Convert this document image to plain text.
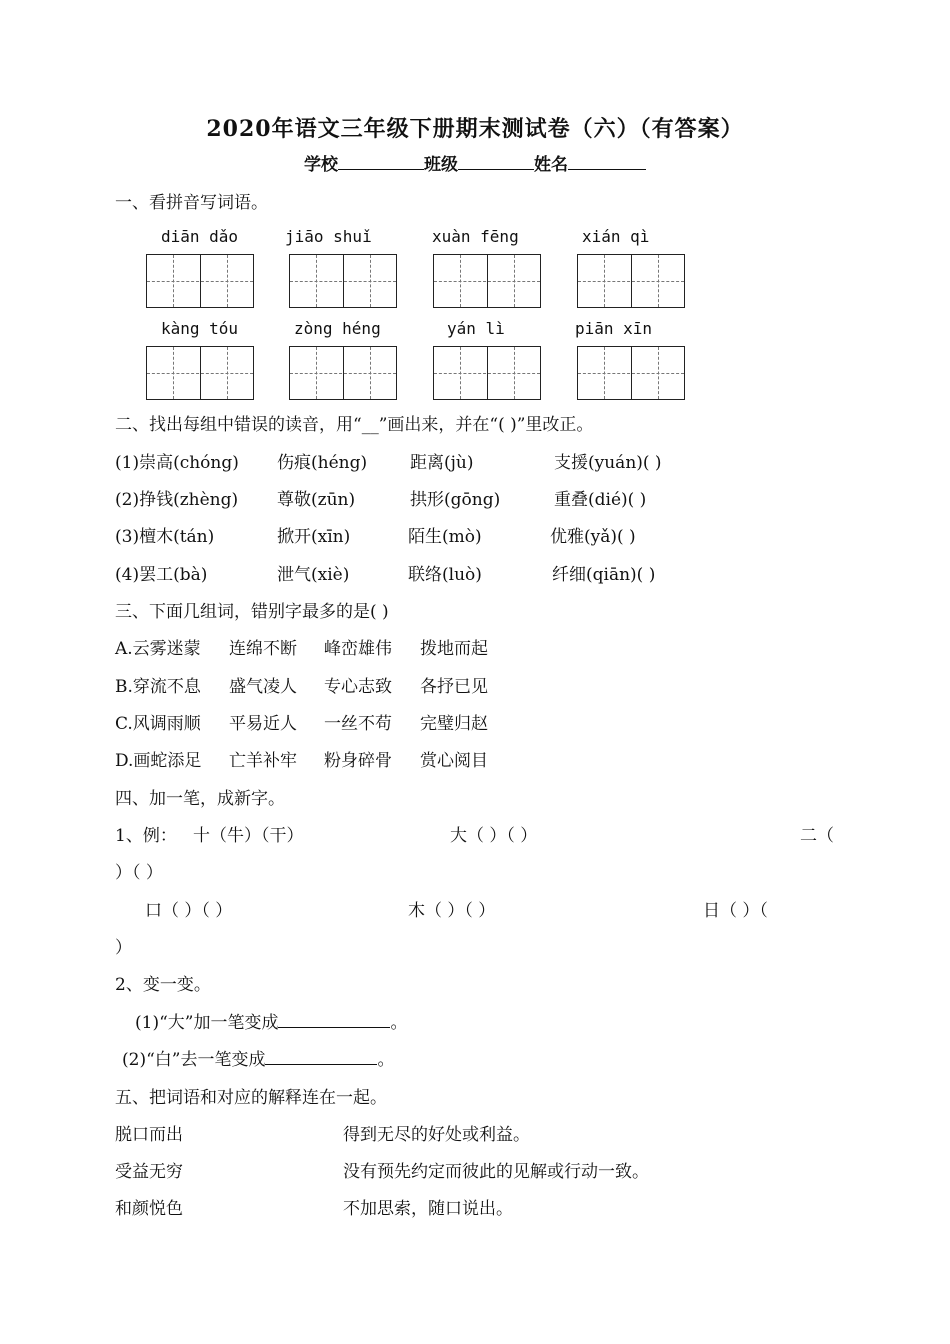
2020年语文三年级下册期末测试卷（六）（有答案）
学校	班级	姓名
一、看拼音写词语。
diān dǎo	jiāo shuǐ	xuàn fēng	xián qì
kàng tóu	zòng héng	yán lì	piān xīn
二、找出每组中错误的读音，用“__”画出来，并在“( )”里改正。
(1)崇高(chóng) 伤痕(héng)	距离(jù)	支援(yuán)( )
(2)挣钱(zhèng) 尊敬(zūn)	拱形(gōng)	重叠(dié)( )
(3)檀木(tán)	掀开(xīn)	陌生(mò)	优雅(yǎ)( )
(4)罢工(bà)	泄气(xiè)	联络(luò)	纤细(qiān)( )
三、下面几组词，错别字最多的是( )
A.云雾迷蒙 连绵不断 峰峦雄伟 拨地而起
B.穿流不息 盛气凌人 专心志致 各抒已见
C.风调雨顺 平易近人 一丝不苟 完璧归赵
D.画蛇添足 亡羊补牢 粉身碎骨 赏心阅目
四、加一笔，成新字。
1、例： 十（牛）（干）	大（ ）（ ）	二（
）（ ）
口（ ）（ ）	木（ ）（ ）	日（ ）（
）
2、变一变。
(1)“大”加一笔变成	。
(2)“白”去一笔变成	。
五、把词语和对应的解释连在一起。
脱口而出	得到无尽的好处或利益。
受益无穷	没有预先约定而彼此的见解或行动一致。
和颜悦色	不加思索，随口说出。
